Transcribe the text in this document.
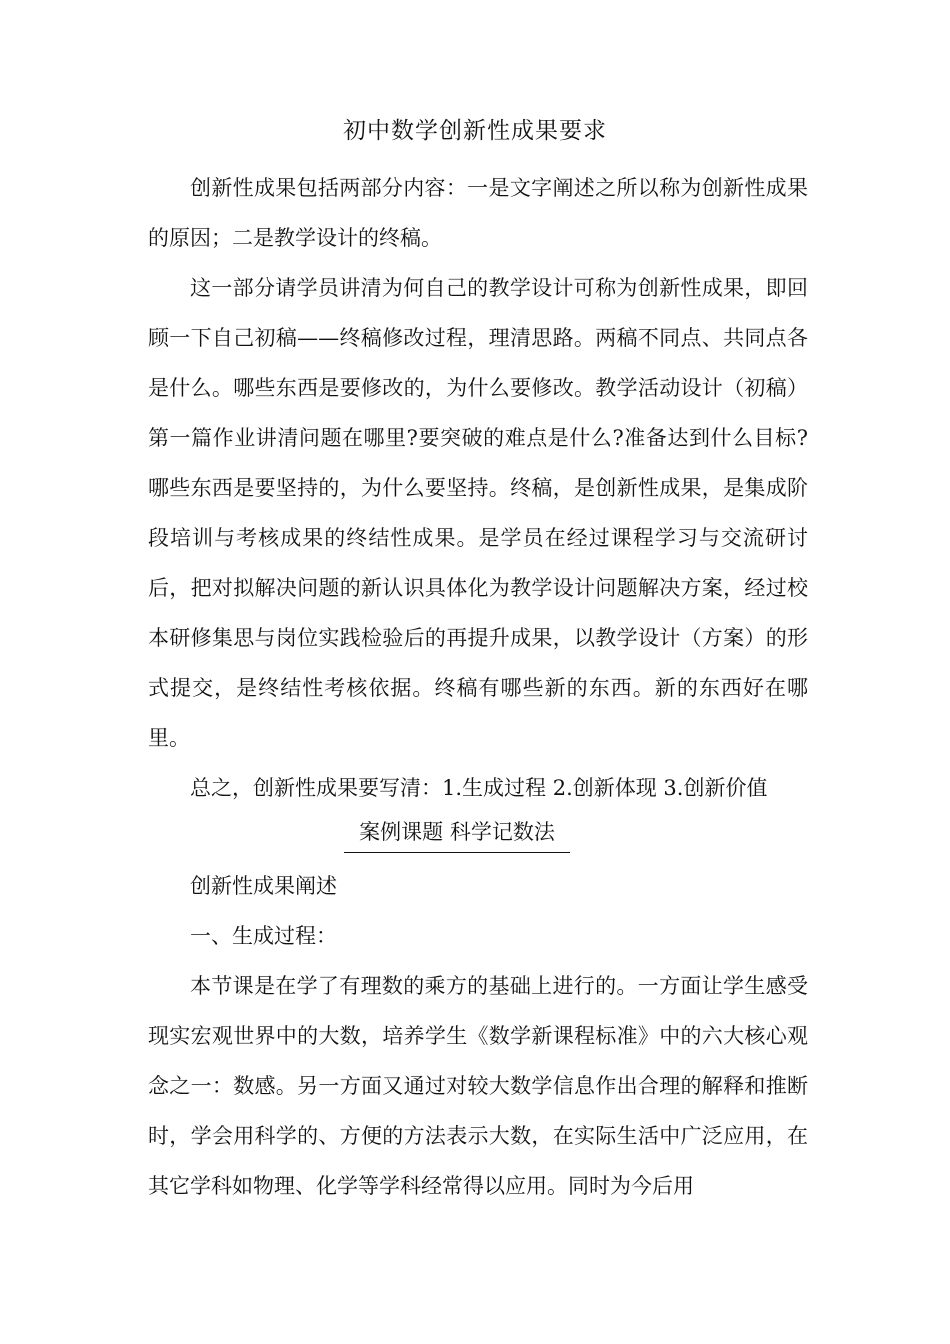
初中数学创新性成果要求

创新性成果包括两部分内容：一是文字阐述之所以称为创新性成果的原因；二是教学设计的终稿。

这一部分请学员讲清为何自己的教学设计可称为创新性成果，即回顾一下自己初稿——终稿修改过程，理清思路。两稿不同点、共同点各是什么。哪些东西是要修改的，为什么要修改。教学活动设计（初稿）第一篇作业讲清问题在哪里?要突破的难点是什么?准备达到什么目标?哪些东西是要坚持的，为什么要坚持。终稿，是创新性成果，是集成阶段培训与考核成果的终结性成果。是学员在经过课程学习与交流研讨后，把对拟解决问题的新认识具体化为教学设计问题解决方案，经过校本研修集思与岗位实践检验后的再提升成果，以教学设计（方案）的形式提交，是终结性考核依据。终稿有哪些新的东西。新的东西好在哪里。

总之，创新性成果要写清：1.生成过程 2.创新体现 3.创新价值

案例课题 科学记数法

创新性成果阐述

一、生成过程：

本节课是在学了有理数的乘方的基础上进行的。一方面让学生感受现实宏观世界中的大数，培养学生《数学新课程标准》中的六大核心观念之一：数感。另一方面又通过对较大数学信息作出合理的解释和推断时，学会用科学的、方便的方法表示大数，在实际生活中广泛应用，在其它学科如物理、化学等学科经常得以应用。同时为今后用
